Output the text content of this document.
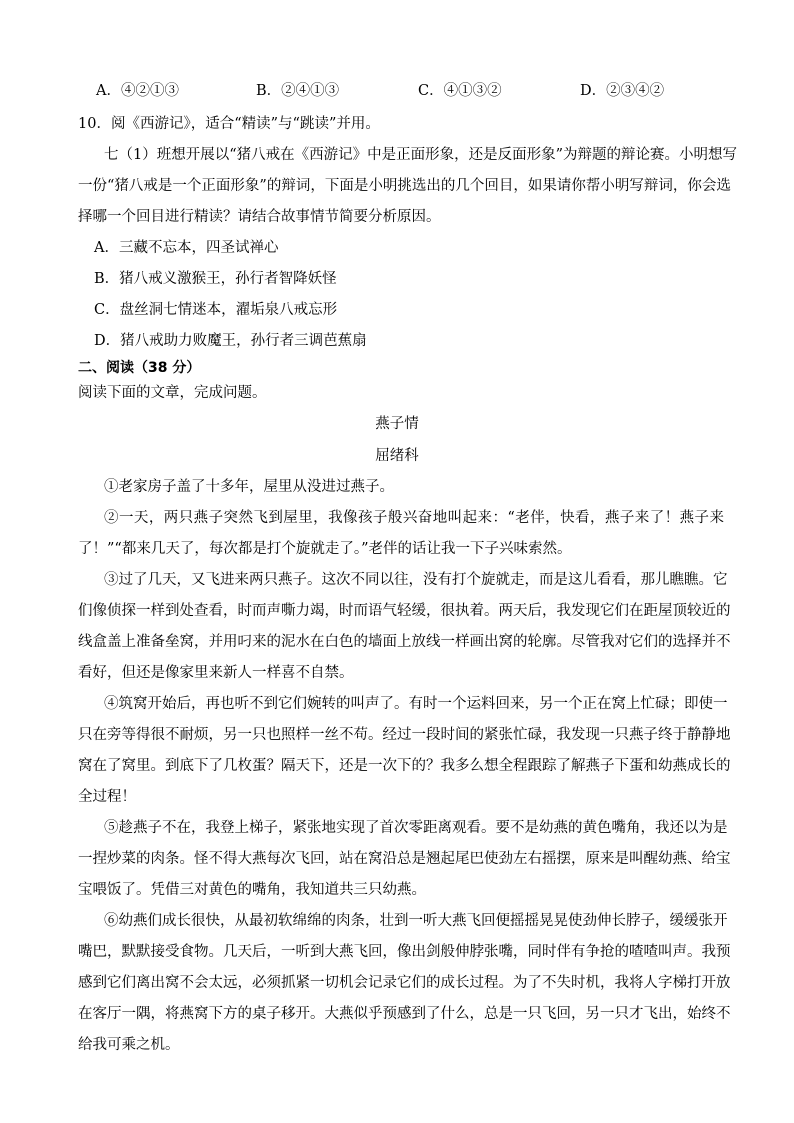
A．④②①③	B．②④①③	C．④①③②	D．②③④②
10．阅《西游记》，适合“精读”与“跳读”并用。
七（1）班想开展以“猪八戒在《西游记》中是正面形象，还是反面形象”为辩题的辩论赛。小明想写
一份“猪八戒是一个正面形象”的辩词，下面是小明挑选出的几个回目，如果请你帮小明写辩词，你会选
择哪一个回目进行精读？请结合故事情节简要分析原因。
A．三藏不忘本，四圣试禅心
B．猪八戒义激猴王，孙行者智降妖怪
C．盘丝洞七情迷本，濯垢泉八戒忘形
D．猪八戒助力败魔王，孙行者三调芭蕉扇
二、阅读（38 分）
阅读下面的文章，完成问题。
燕子情
屈绪科
①老家房子盖了十多年，屋里从没进过燕子。
②一天，两只燕子突然飞到屋里，我像孩子般兴奋地叫起来：“老伴，快看，燕子来了！燕子来
了！”“都来几天了，每次都是打个旋就走了。”老伴的话让我一下子兴味索然。
③过了几天，又飞进来两只燕子。这次不同以往，没有打个旋就走，而是这儿看看，那儿瞧瞧。它
们像侦探一样到处查看，时而声嘶力竭，时而语气轻缓，很执着。两天后，我发现它们在距屋顶较近的
线盒盖上准备垒窝，并用叼来的泥水在白色的墙面上放线一样画出窝的轮廓。尽管我对它们的选择并不
看好，但还是像家里来新人一样喜不自禁。
④筑窝开始后，再也听不到它们婉转的叫声了。有时一个运料回来，另一个正在窝上忙碌；即使一
只在旁等得很不耐烦，另一只也照样一丝不苟。经过一段时间的紧张忙碌，我发现一只燕子终于静静地
窝在了窝里。到底下了几枚蛋？隔天下，还是一次下的？我多么想全程跟踪了解燕子下蛋和幼燕成长的
全过程！
⑤趁燕子不在，我登上梯子，紧张地实现了首次零距离观看。要不是幼燕的黄色嘴角，我还以为是
一捏炒菜的肉条。怪不得大燕每次飞回，站在窝沿总是翘起尾巴使劲左右摇摆，原来是叫醒幼燕、给宝
宝喂饭了。凭借三对黄色的嘴角，我知道共三只幼燕。
⑥幼燕们成长很快，从最初软绵绵的肉条，壮到一听大燕飞回便摇摇晃晃使劲伸长脖子，缓缓张开
嘴巴，默默接受食物。几天后，一听到大燕飞回，像出剑般伸脖张嘴，同时伴有争抢的喳喳叫声。我预
感到它们离出窝不会太远，必须抓紧一切机会记录它们的成长过程。为了不失时机，我将人字梯打开放
在客厅一隅，将燕窝下方的桌子移开。大燕似乎预感到了什么，总是一只飞回，另一只才飞出，始终不
给我可乘之机。
